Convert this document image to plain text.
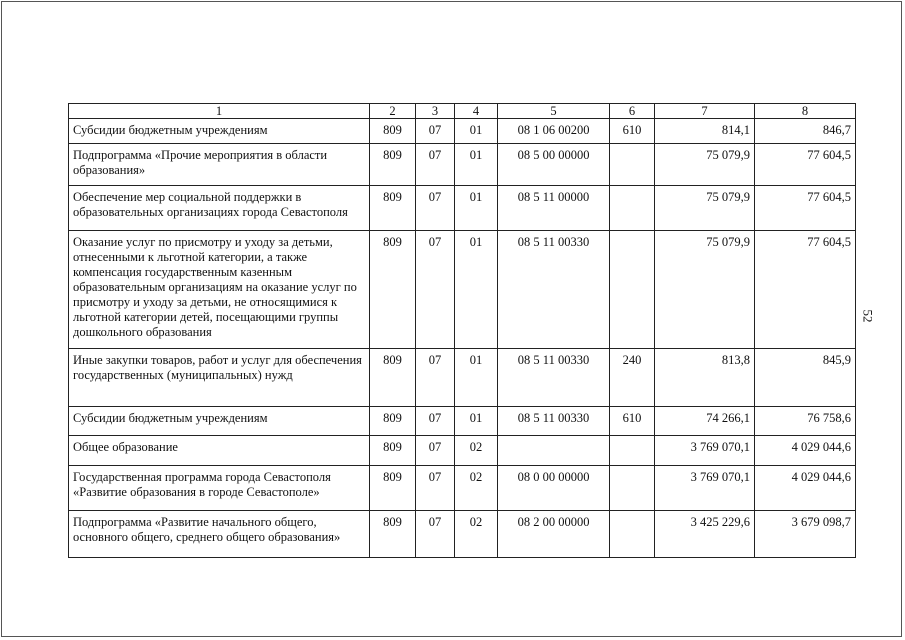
52
1	2	3	4	5	6	7	8
Субсидии бюджетным учреждениям	809	07	01	08 1 06 00200	610	814,1	846,7
Подпрограмма «Прочие мероприятия в области образования»	809	07	01	08 5 00 00000		75 079,9	77 604,5
Обеспечение мер социальной поддержки в образовательных организациях города Севастополя	809	07	01	08 5 11 00000		75 079,9	77 604,5
Оказание услуг по присмотру и уходу за детьми, отнесенными к льготной категории, а также компенсация государственным казенным образовательным организациям на оказание услуг по присмотру и уходу за детьми, не относящимися к льготной категории детей, посещающими группы дошкольного образования	809	07	01	08 5 11 00330		75 079,9	77 604,5
Иные закупки товаров, работ и услуг для обеспечения государственных (муниципальных) нужд	809	07	01	08 5 11 00330	240	813,8	845,9
Субсидии бюджетным учреждениям	809	07	01	08 5 11 00330	610	74 266,1	76 758,6
Общее образование	809	07	02			3 769 070,1	4 029 044,6
Государственная программа города Севастополя «Развитие образования в городе Севастополе»	809	07	02	08 0 00 00000		3 769 070,1	4 029 044,6
Подпрограмма «Развитие начального общего, основного общего, среднего общего образования»	809	07	02	08 2 00 00000		3 425 229,6	3 679 098,7
